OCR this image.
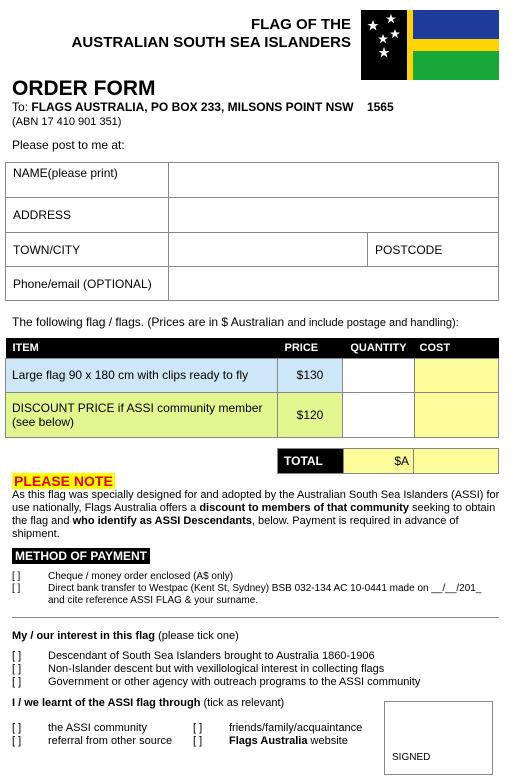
FLAG OF THE
AUSTRALIAN SOUTH SEA ISLANDERS
ORDER FORM
To: FLAGS AUSTRALIA, PO BOX 233, MILSONS POINT NSW 1565
(ABN 17 410 901 351)
Please post to me at:
NAME(please print)		
ADDRESS		
TOWN/CITY		POSTCODE
Phone/email (OPTIONAL)		
The following flag / flags. (Prices are in $ Australian and include postage and handling):
ITEM	PRICE	QUANTITY	COST
Large flag 90 x 180 cm with clips ready to fly	$130		
DISCOUNT PRICE if ASSI community member (see below)	$120		
TOTAL	$A	
PLEASE NOTE
As this flag was specially designed for and adopted by the Australian South Sea Islanders (ASSI) for use nationally, Flags Australia offers a discount to members of that community seeking to obtain the flag and who identify as ASSI Descendants, below. Payment is required in advance of shipment.
METHOD OF PAYMENT
[ ]	Cheque / money order enclosed (A$ only)
[ ]	Direct bank transfer to Westpac (Kent St, Sydney) BSB 032-134 AC 10-0441 made on __/__/201_
and cite reference ASSI FLAG & your surname.
My / our interest in this flag (please tick one)
[ ]	Descendant of South Sea Islanders brought to Australia 1860-1906
[ ]	Non-Islander descent but with vexillological interest in collecting flags
[ ]	Government or other agency with outreach programs to the ASSI community
I / we learnt of the ASSI flag through (tick as relevant)
[ ]	the ASSI community
[ ]	referral from other source
[ ]	friends/family/acquaintance
[ ]	Flags Australia website
SIGNED
